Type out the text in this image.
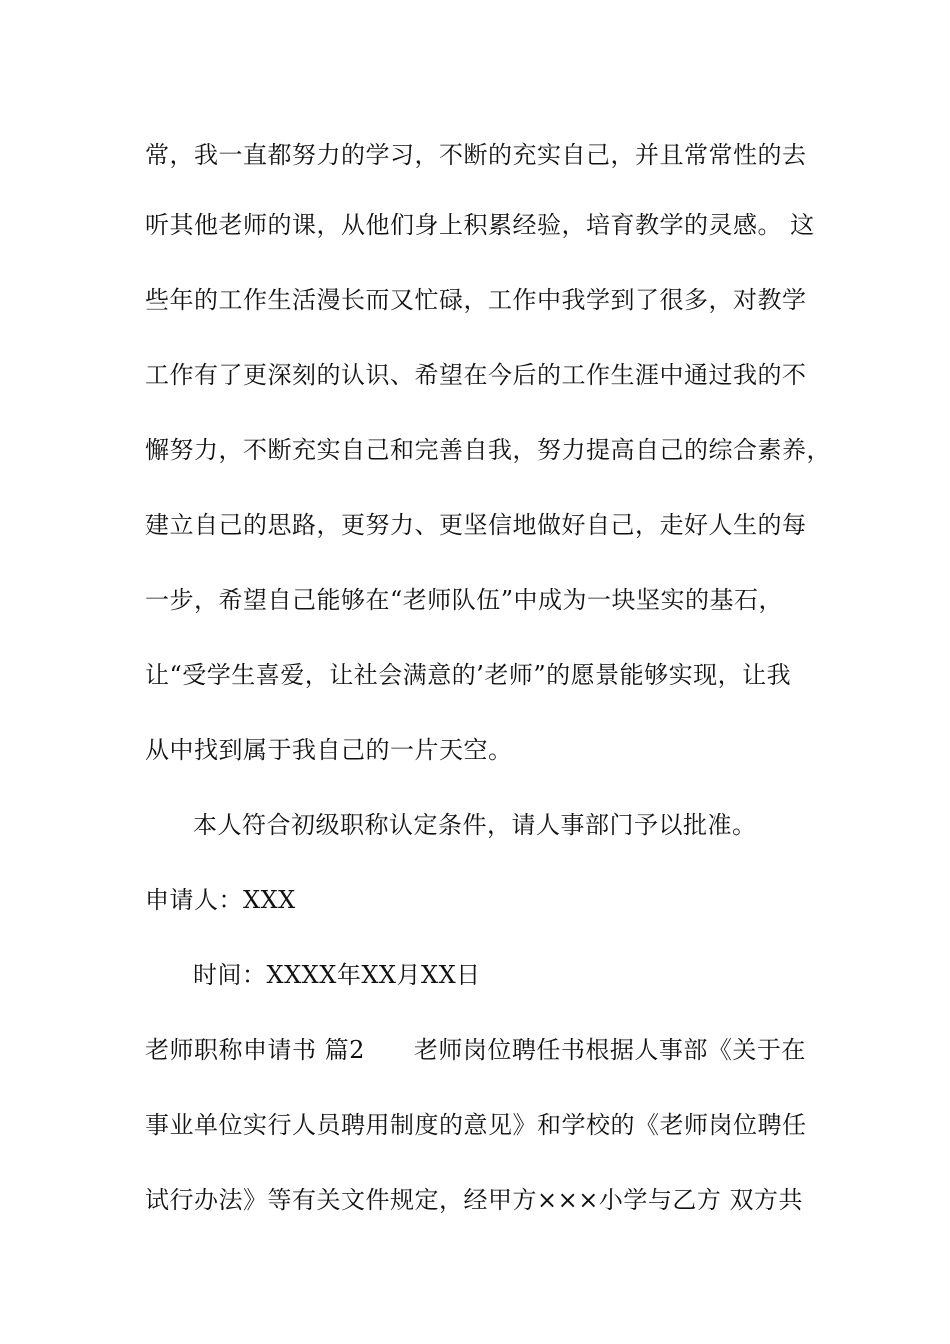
常，我一直都努力的学习，不断的充实自己，并且常常性的去
听其他老师的课，从他们身上积累经验，培育教学的灵感。 这
些年的工作生活漫长而又忙碌，工作中我学到了很多，对教学
工作有了更深刻的认识、希望在今后的工作生涯中通过我的不
懈努力，不断充实自己和完善自我，努力提高自己的综合素养，
建立自己的思路，更努力、更坚信地做好自己，走好人生的每
一步，希望自己能够在“老师队伍”中成为一块坚实的基石，
让“受学生喜爱，让社会满意的’老师”的愿景能够实现，让我
从中找到属于我自己的一片天空。
本人符合初级职称认定条件，请人事部门予以批准。
申请人：XXX
时间：XXXX年XX月XX日
老师职称申请书 篇2　　老师岗位聘任书根据人事部《关于在
事业单位实行人员聘用制度的意见》和学校的《老师岗位聘任
试行办法》等有关文件规定，经甲方×××小学与乙方 双方共
